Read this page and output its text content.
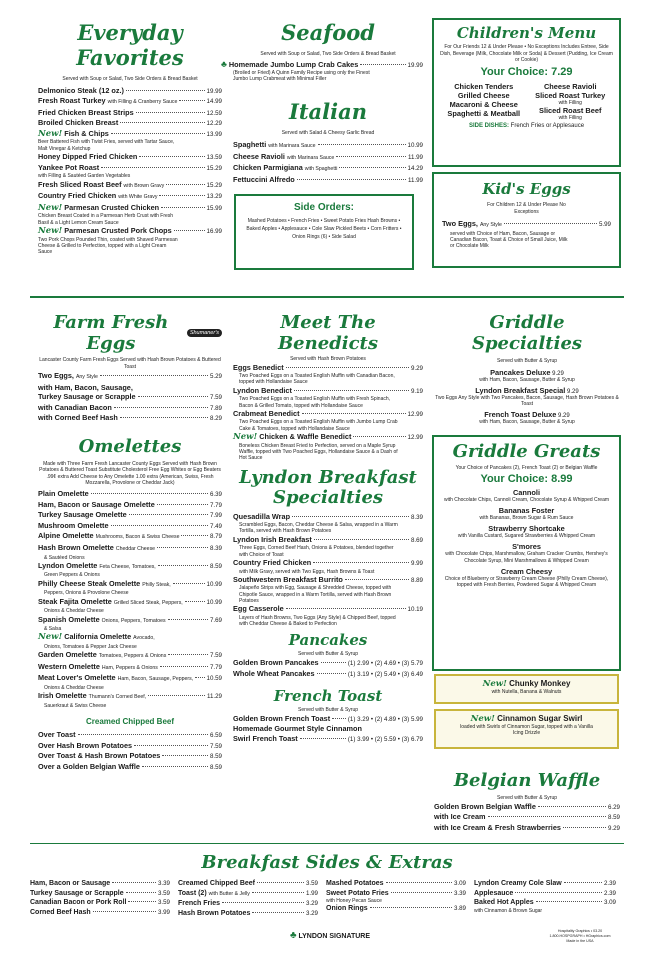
Everyday Favorites
Served with Soup or Salad, Two Side Orders & Bread Basket
Delmonico Steak (12 oz.)	19.99
Fresh Roast Turkey with Filling & Cranberry Sauce	14.99
Fried Chicken Breast Strips	12.59
Broiled Chicken Breast	12.29
New! Fish & Chips	13.99
Beer Battered Fish with Twist Fries, served with Tartar Sauce, Malt Vinegar & Ketchup
Honey Dipped Fried Chicken	13.59
Yankee Pot Roast	15.29
with Filling & Sautéed Garden Vegetables
Fresh Sliced Roast Beef with Brown Gravy	15.29
Country Fried Chicken with White Gravy	13.29
New! Parmesan Crusted Chicken	15.99
Chicken Breast Coated in a Parmesan Herb Crust with Fresh Basil & a Light Lemon Cream Sauce
New! Parmesan Crusted Pork Chops	16.99
Two Pork Chops Pounded Thin, coated with Shaved Parmesan Cheese & Grilled to Perfection, topped with a Light Cream Sauce
Seafood
Served with Soup or Salad, Two Side Orders & Bread Basket
♣ Homemade Jumbo Lump Crab Cakes	19.99
(Broiled or Fried) A Quinn Family Recipe using only the Finest Jumbo Lump Crabmeat with Minimal Filler
Italian
Served with Salad & Cheesy Garlic Bread
Spaghetti with Marinara Sauce	10.99
Cheese Ravioli with Marinara Sauce	11.99
Chicken Parmigiana with Spaghetti	14.29
Fettuccini Alfredo	11.99
Side Orders:
Mashed Potatoes • French Fries • Sweet Potato Fries Hash Browns • Baked Apples • Applesauce • Cole Slaw Pickled Beets • Corn Fritters • Onion Rings (6) • Side Salad
Children's Menu
For Our Friends 12 & Under Please • No Exceptions Includes Entree, Side Dish, Beverage (Milk, Chocolate Milk or Soda) & Dessert (Pudding, Ice Cream or Cookie)
Your Choice: 7.29
Chicken Tenders
Grilled Cheese
Macaroni & Cheese
Spaghetti & Meatball
Cheese Ravioli
Sliced Roast Turkey
with Filling
Sliced Roast Beef
with Filling
SIDE DISHES: French Fries or Applesauce
Kid's Eggs
For Children 12 & Under Please No Exceptions
Two Eggs, Any Style	5.99
served with Choice of Ham, Bacon, Sausage or Canadian Bacon, Toast & Choice of Small Juice, Milk or Chocolate Milk
Farm Fresh Eggs	Shumaner's
Lancaster County Farm Fresh Eggs Served with Hash Brown Potatoes & Buttered Toast
Two Eggs, Any Style	5.29
with Ham, Bacon, Sausage,
Turkey Sausage or Scrapple	7.59
with Canadian Bacon	7.89
with Corned Beef Hash	8.29
Omelettes
Made with Three Farm Fresh Lancaster County Eggs Served with Hash Brown Potatoes & Buttered Toast Substitute Cholesterol Free Egg Whites or Egg Beaters .99¢ extra Add Cheese to Any Omelette 1.00 extra (American, Swiss, Fresh Mozzarella, Provolone or Cheddar Jack)
Plain Omelette	6.39
Ham, Bacon or Sausage Omelette	7.79
Turkey Sausage Omelette	7.99
Mushroom Omelette	7.49
Alpine Omelette Mushrooms, Bacon & Swiss Cheese	8.79
Hash Brown Omelette Cheddar Cheese	8.39
& Sautéed Onions
Lyndon Omelette Feta Cheese, Tomatoes,	8.59
Green Peppers & Onions
Philly Cheese Steak Omelette Philly Steak,	10.99
Peppers, Onions & Provolone Cheese
Steak Fajita Omelette Grilled Sliced Steak, Peppers,	10.99
Onions & Cheddar Cheese
Spanish Omelette Onions, Peppers, Tomatoes	7.69
& Salsa
New! California Omelette Avocado,
Onions, Tomatoes & Pepper Jack Cheese
Garden Omelette Tomatoes, Peppers & Onions	7.59
Western Omelette Ham, Peppers & Onions	7.79
Meat Lover's Omelette Ham, Bacon, Sausage, Peppers, 10.59
Onions & Cheddar Cheese
Irish Omelette Thumann's Corned Beef,	11.29
Sauerkraut & Swiss Cheese
Creamed Chipped Beef
Over Toast	6.59
Over Hash Brown Potatoes	7.59
Over Toast & Hash Brown Potatoes	8.59
Over a Golden Belgian Waffle	8.59
Meet The Benedicts
Served with Hash Brown Potatoes
Eggs Benedict	9.29
Two Poached Eggs on a Toasted English Muffin with Canadian Bacon, topped with Hollandaise Sauce
Lyndon Benedict	9.19
Two Poached Eggs on a Toasted English Muffin with Fresh Spinach, Bacon & Grilled Tomato, topped with Hollandaise Sauce
Crabmeat Benedict	12.99
Two Poached Eggs on a Toasted English Muffin with Jumbo Lump Crab Cake & Tomatoes, topped with Hollandaise Sauce
New! Chicken & Waffle Benedict	12.99
Boneless Chicken Breast Fried to Perfection, served on a Maple Syrup Waffle, topped with Two Poached Eggs, Hollandaise Sauce & a Dash of Hot Sauce
Lyndon Breakfast
Specialties
Quesadilla Wrap	8.39
Scrambled Eggs, Bacon, Cheddar Cheese & Salsa, wrapped in a Warm Tortilla, served with Hash Brown Potatoes
Lyndon Irish Breakfast	8.69
Three Eggs, Corned Beef Hash, Onions & Potatoes, blended together with Choice of Toast
Country Fried Chicken	9.99
with Milk Gravy, served with Two Eggs, Hash Browns & Toast
Southwestern Breakfast Burrito	8.89
Jalapeño Strips with Egg, Sausage & Shredded Cheese, topped with Chipotle Sauce, wrapped in a Warm Tortilla, served with Hash Brown Potatoes
Egg Casserole	10.19
Layers of Hash Browns, Two Eggs (Any Style) & Chipped Beef, topped with Cheddar Cheese & Baked to Perfection
Pancakes
Served with Butter & Syrup
Golden Brown Pancakes	(1) 2.99 • (2) 4.69 • (3) 5.79
Whole Wheat Pancakes	(1) 3.19 • (2) 5.49 • (3) 6.49
French Toast
Served with Butter & Syrup
Golden Brown French Toast	(1) 3.29 • (2) 4.89 • (3) 5.99
Homemade Gourmet Style Cinnamon
Swirl French Toast	(1) 3.99 • (2) 5.59 • (3) 6.79
Griddle Specialties
Served with Butter & Syrup
Pancakes Deluxe 9.29
with Ham, Bacon, Sausage, Butter & Syrup
Lyndon Breakfast Special 9.29
Two Eggs Any Style with Two Pancakes, Bacon, Sausage, Hash Brown Potatoes & Toast
French Toast Deluxe 9.29
with Ham, Bacon, Sausage, Butter & Syrup
Griddle Greats
Your Choice of Pancakes (2), French Toast (2) or Belgian Waffle
Your Choice: 8.99
Cannoli
with Chocolate Chips, Cannoli Cream, Chocolate Syrup & Whipped Cream
Bananas Foster
with Bananas, Brown Sugar & Rum Sauce
Strawberry Shortcake
with Vanilla Custard, Sugared Strawberries & Whipped Cream
S'mores
with Chocolate Chips, Marshmallow, Graham Cracker Crumbs, Hershey's Chocolate Syrup, Mini Marshmallows & Whipped Cream
Cream Cheesy
Choice of Blueberry or Strawberry Cream Cheese (Philly Cream Cheese), topped with Fresh Berries, Powdered Sugar & Whipped Cream
New! Chunky Monkey
with Nutella, Banana & Walnuts
New! Cinnamon Sugar Swirl
loaded with Swirls of Cinnamon Sugar, topped with a Vanilla Icing Drizzle
Belgian Waffle
Served with Butter & Syrup
Golden Brown Belgian Waffle	6.29
with Ice Cream	8.59
with Ice Cream & Fresh Strawberries	9.29
Breakfast Sides & Extras
Ham, Bacon or Sausage	3.39
Turkey Sausage or Scrapple	3.59
Canadian Bacon or Pork Roll	3.59
Corned Beef Hash	3.99
Creamed Chipped Beef	3.59
Toast (2) with Butter & Jelly	1.99
French Fries	3.29
Hash Brown Potatoes	3.29
Mashed Potatoes	3.09
Sweet Potato Fries	3.39
with Honey Pecan Sauce
Onion Rings	3.89
Lyndon Creamy Cole Slaw	2.39
Applesauce	2.39
Baked Hot Apples	3.09
with Cinnamon & Brown Sugar
♣ LYNDON SIGNATURE
Hospitality Graphics • 03.20
1.800.HOSPGRAPH • HGraphics.com
Made in the USA
